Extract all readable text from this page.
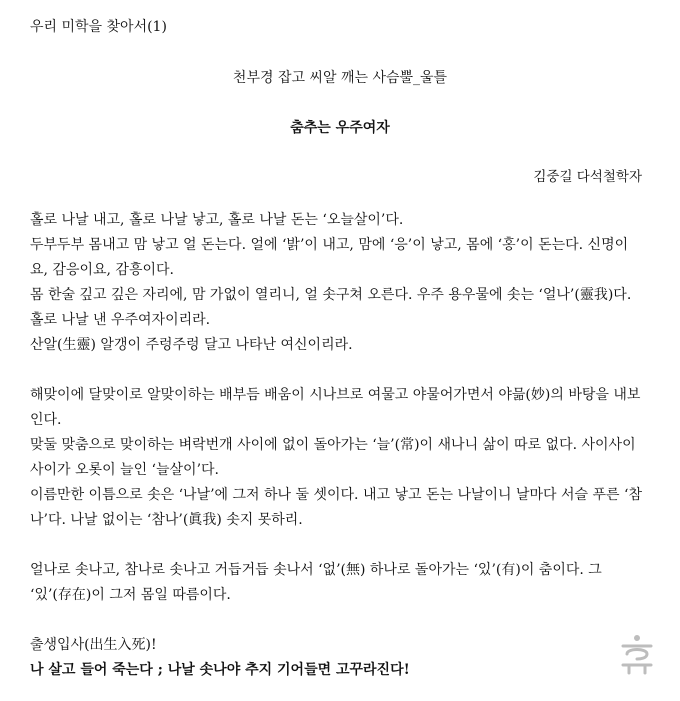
우리 미학을 찾아서(1)
천부경 잡고 씨알 깨는 사슴뿔_울틀
춤추는 우주여자
김중길 다석철학자

홀로 나날 내고, 홀로 나날 낳고, 홀로 나날 돈는 ‘오늘살이’다.

두부두부 몸내고 맘 낳고 얼 돈는다. 얼에 ‘밝’이 내고, 맘에 ‘응’이 낳고, 몸에 ‘홍’이 돈는다. 신명이요, 감응이요, 감흥이다.

몸 한술 깊고 깊은 자리에, 맘 가없이 열리니, 얼 솟구쳐 오른다. 우주 용우물에 솟는 ‘얼나’(靈我)다. 홀로 나날 낸 우주여자이리라.

산알(生靈) 알갱이 주렁주렁 달고 나타난 여신이리라.

해맞이에 달맞이로 알맞이하는 배부듬 배움이 시나브로 여물고 야물어가면서 야믊(妙)의 바탕을 내보인다.

맞둘 맞춤으로 맞이하는 벼락번개 사이에 없이 돌아가는 ‘늘’(常)이 새나니 삶이 따로 없다. 사이사이사이가 오롯이 늘인 ‘늘살이’다.

이름만한 이틈으로 솟은 ‘나날’에 그저 하나 둘 셋이다. 내고 낳고 돈는 나날이니 날마다 서슬 푸른 ‘참나’다. 나날 없이는 ‘참나’(眞我) 솟지 못하리.

얼나로 솟나고, 참나로 솟나고 거듭거듭 솟나서 ‘없’(無) 하나로 돌아가는 ‘있’(有)이 춤이다. 그 ‘있’(存在)이 그저 몸일 따름이다.

출생입사(出生入死)!

나 살고 들어 죽는다 ; 나날 솟나야 추지 기어들면 고꾸라진다!
